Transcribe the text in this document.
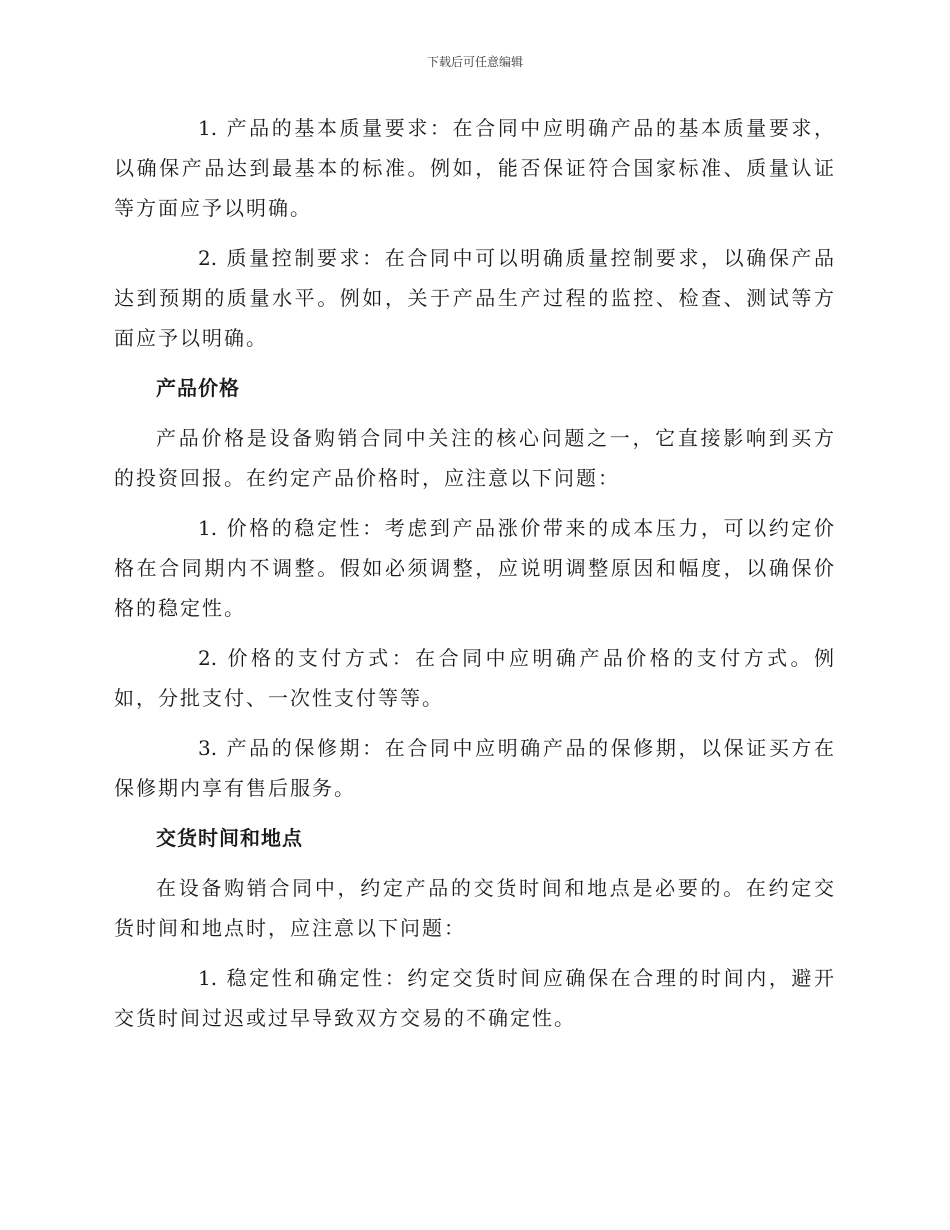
下载后可任意编辑

1. 产品的基本质量要求：在合同中应明确产品的基本质量要求，以确保产品达到最基本的标准。例如，能否保证符合国家标准、质量认证等方面应予以明确。

2. 质量控制要求：在合同中可以明确质量控制要求，以确保产品达到预期的质量水平。例如，关于产品生产过程的监控、检查、测试等方面应予以明确。

产品价格

产品价格是设备购销合同中关注的核心问题之一，它直接影响到买方的投资回报。在约定产品价格时，应注意以下问题：

1. 价格的稳定性：考虑到产品涨价带来的成本压力，可以约定价格在合同期内不调整。假如必须调整，应说明调整原因和幅度，以确保价格的稳定性。

2. 价格的支付方式：在合同中应明确产品价格的支付方式。例如，分批支付、一次性支付等等。

3. 产品的保修期：在合同中应明确产品的保修期，以保证买方在保修期内享有售后服务。

交货时间和地点

在设备购销合同中，约定产品的交货时间和地点是必要的。在约定交货时间和地点时，应注意以下问题：

1. 稳定性和确定性：约定交货时间应确保在合理的时间内，避开交货时间过迟或过早导致双方交易的不确定性。
